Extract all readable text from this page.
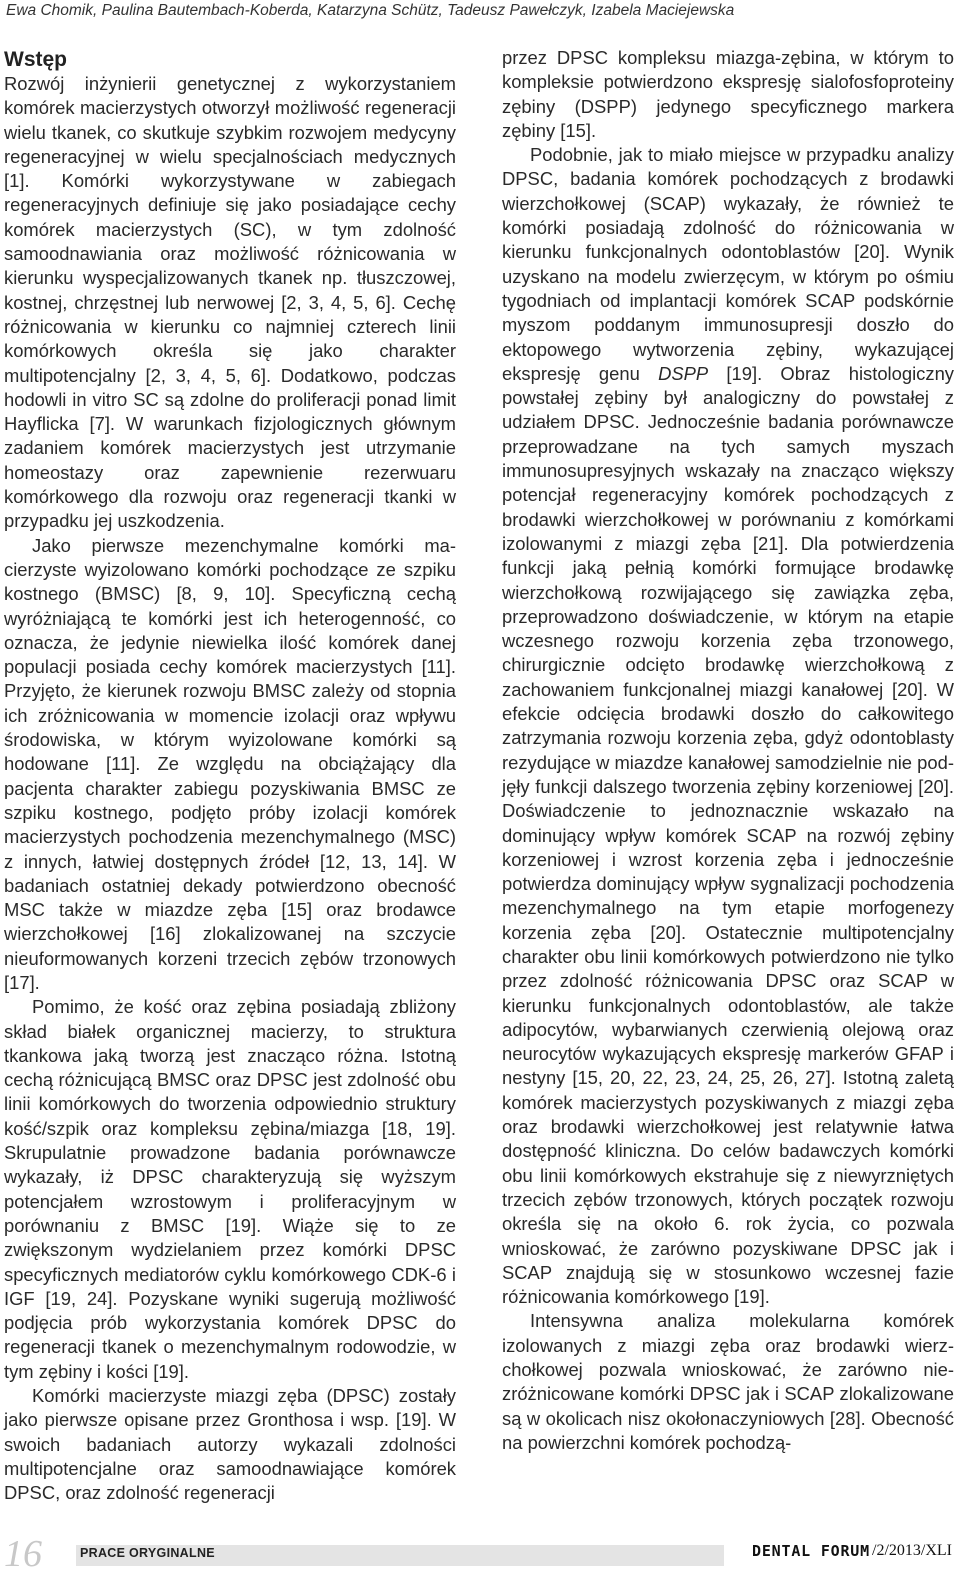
Ewa Chomik, Paulina Bautembach-Koberda, Katarzyna Schütz, Tadeusz Pawełczyk, Izabela Maciejewska
Wstęp

Rozwój inżynierii genetycznej z wykorzystaniem komórek macierzystych otworzył możliwość regeneracji wielu tkanek, co skutkuje szybkim rozwojem medycyny regeneracyjnej w wielu specjalnościach medycznych [1]. Komórki wykorzystywane w zabiegach regeneracyjnych definiuje się jako posiadające cechy komórek macierzystych (SC), w tym zdolność samoodnawiania oraz możliwość różnicowania w kierunku wyspecjalizowanych tkanek np. tłuszczowej, kostnej, chrzęstnej lub nerwowej [2, 3, 4, 5, 6]. Cechę różnicowania w kierunku co najmniej czterech linii komórkowych określa się jako charakter multipotencjalny [2, 3, 4, 5, 6]. Dodatkowo, podczas hodowli in vitro SC są zdolne do proliferacji ponad limit Hayflicka [7]. W warunkach fizjologicznych głównym zadaniem komórek macierzystych jest utrzymanie homeostazy oraz zapewnienie rezerwuaru komórkowego dla rozwoju oraz regeneracji tkanki w przypadku jej uszkodzenia.

Jako pierwsze mezenchymalne komórki macierzyste wyizolowano komórki pochodzące ze szpiku kostnego (BMSC) [8, 9, 10]. Specyficzną cechą wyróżniającą te komórki jest ich heterogenność, co oznacza, że jedynie niewielka ilość komórek danej populacji posiada cechy komórek macierzystych [11]. Przyjęto, że kierunek rozwoju BMSC zależy od stopnia ich zróżnicowania w momencie izolacji oraz wpływu środowiska, w którym wyizolowane komórki są hodowane [11]. Ze względu na obciążający dla pacjenta charakter zabiegu pozyskiwania BMSC ze szpiku kostnego, podjęto próby izolacji komórek macierzystych pochodzenia mezenchymalnego (MSC) z innych, łatwiej dostępnych źródeł [12, 13, 14]. W badaniach ostatniej dekady potwierdzono obecność MSC także w miazdze zęba [15] oraz brodawce wierzchołkowej [16] zlokalizowanej na szczycie nieuformowanych korzeni trzecich zębów trzonowych [17].

Pomimo, że kość oraz zębina posiadają zbliżony skład białek organicznej macierzy, to struktura tkankowa jaką tworzą jest znacząco różna. Istotną cechą różnicującą BMSC oraz DPSC jest zdolność obu linii komórkowych do tworzenia odpowiednio struktury kość/szpik oraz kompleksu zębina/miazga [18, 19]. Skrupulatnie prowadzone badania porównawcze wykazały, iż DPSC charakteryzują się wyższym potencjałem wzrostowym i proliferacyjnym w porównaniu z BMSC [19]. Wiąże się to ze zwiększonym wydzielaniem przez komórki DPSC specyficznych mediatorów cyklu komórkowego CDK-6 i IGF [19, 24]. Pozyskane wyniki sugerują możliwość podjęcia prób wykorzystania komórek DPSC do regeneracji tkanek o mezenchymalnym rodowodzie, w tym zębiny i kości [19].

Komórki macierzyste miazgi zęba (DPSC) zostały jako pierwsze opisane przez Gronthosa i wsp. [19]. W swoich badaniach autorzy wykazali zdolności multipotencjalne oraz samoodnawiające komórek DPSC, oraz zdolność regeneracji

przez DPSC kompleksu miazga-zębina, w którym to kompleksie potwierdzono ekspresję sialofosfoproteiny zębiny (DSPP) jedynego specyficznego markera zębiny [15].

Podobnie, jak to miało miejsce w przypadku analizy DPSC, badania komórek pochodzących z brodawki wierzchołkowej (SCAP) wykazały, że również te komórki posiadają zdolność do różnicowania w kierunku funkcjonalnych odontoblastów [20]. Wynik uzyskano na modelu zwierzęcym, w którym po ośmiu tygodniach od implantacji komórek SCAP podskórnie myszom poddanym immunosupresji doszło do ektopowego wytworzenia zębiny, wykazującej ekspresję genu DSPP [19]. Obraz histologiczny powstałej zębiny był analogiczny do powstałej z udziałem DPSC. Jednocześnie badania porównawcze przeprowadzane na tych samych myszach immunosupresyjnych wskazały na znacząco większy potencjał regeneracyjny komórek pochodzących z brodawki wierzchołkowej w porównaniu z komórkami izolowanymi z miazgi zęba [21]. Dla potwierdzenia funkcji jaką pełnią komórki formujące brodawkę wierzchołkową rozwijającego się zawiązka zęba, przeprowadzono doświadczenie, w którym na etapie wczesnego rozwoju korzenia zęba trzonowego, chirurgicznie odcięto brodawkę wierzchołkową z zachowaniem funkcjonalnej miazgi kanałowej [20]. W efekcie odcięcia brodawki doszło do całkowitego zatrzymania rozwoju korzenia zęba, gdyż odontoblasty rezydujące w miazdze kanałowej samodzielnie nie podjęły funkcji dalszego tworzenia zębiny korzeniowej [20]. Doświadczenie to jednoznacznie wskazało na dominujący wpływ komórek SCAP na rozwój zębiny korzeniowej i wzrost korzenia zęba i jednocześnie potwierdza dominujący wpływ sygnalizacji pochodzenia mezenchymalnego na tym etapie morfogenezy korzenia zęba [20]. Ostatecznie multipotencjalny charakter obu linii komórkowych potwierdzono nie tylko przez zdolność różnicowania DPSC oraz SCAP w kierunku funkcjonalnych odontoblastów, ale także adipocytów, wybarwianych czerwienią olejową oraz neurocytów wykazujących ekspresję markerów GFAP i nestyny [15, 20, 22, 23, 24, 25, 26, 27]. Istotną zaletą komórek macierzystych pozyskiwanych z miazgi zęba oraz brodawki wierzchołkowej jest relatywnie łatwa dostępność kliniczna. Do celów badawczych komórki obu linii komórkowych ekstrahuje się z niewyrzniętych trzecich zębów trzonowych, których początek rozwoju określa się na około 6. rok życia, co pozwala wnioskować, że zarówno pozyskiwane DPSC jak i SCAP znajdują się w stosunkowo wczesnej fazie różnicowania komórkowego [19].

Intensywna analiza molekularna komórek izolowanych z miazgi zęba oraz brodawki wierzchołkowej pozwala wnioskować, że zarówno niezróżnicowane komórki DPSC jak i SCAP zlokalizowane są w okolicach nisz okołonaczyniowych [28]. Obecność na powierzchni komórek pochodzą-

16	PRACE ORYGINALNE	DENTAL FORUM /2/2013/XLI
